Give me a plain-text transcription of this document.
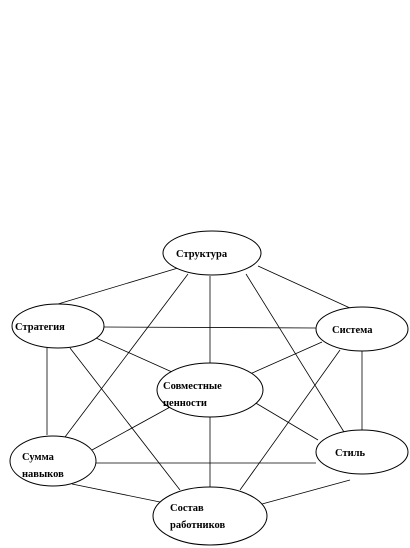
Структура
Стратегия	Система
Совместные
ценности
Сумма
навыков
Стиль
Состав
работников
